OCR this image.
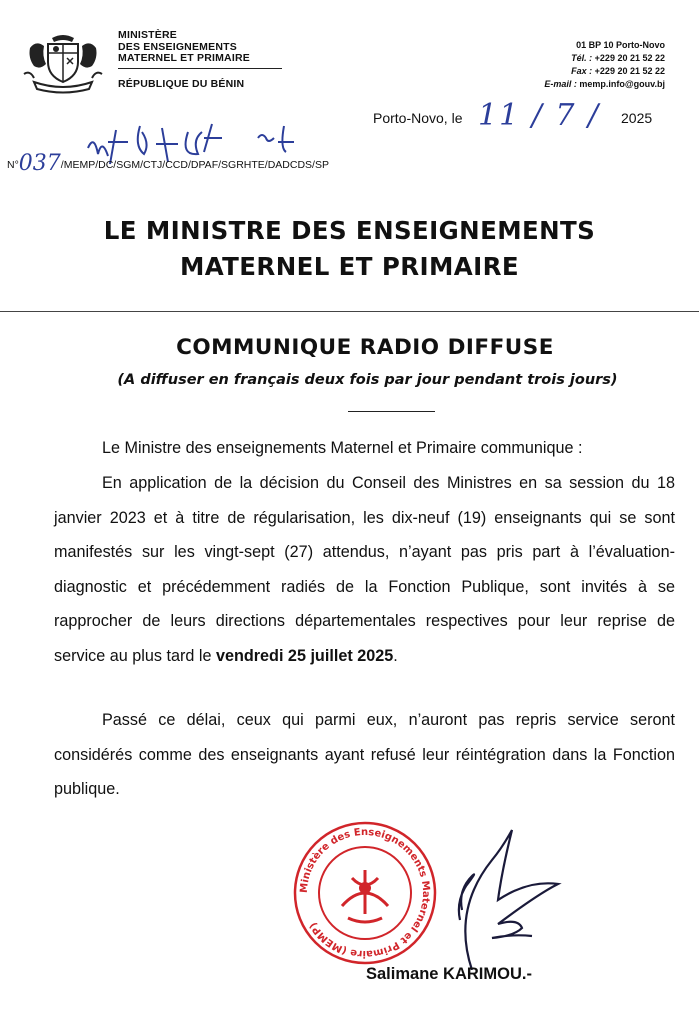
MINISTÈRE
DES ENSEIGNEMENTS
MATERNEL ET PRIMAIRE
RÉPUBLIQUE DU BÉNIN
01 BP 10 Porto-Novo
Tél. : +229 20 21 52 22
Fax : +229 20 21 52 22
E-mail : memp.info@gouv.bj
Porto-Novo, le 11 / 7 / 2025
N°037/MEMP/DC/SGM/CTJ/CCD/DPAF/SGRHTE/DADCDS/SP
LE MINISTRE DES ENSEIGNEMENTS
MATERNEL ET PRIMAIRE
COMMUNIQUE RADIO DIFFUSE
(A diffuser en français deux fois par jour pendant trois jours)
Le Ministre des enseignements Maternel et Primaire communique :
En application de la décision du Conseil des Ministres en sa session du 18 janvier 2023 et à titre de régularisation, les dix-neuf (19) enseignants qui se sont manifestés sur les vingt-sept (27) attendus, n’ayant pas pris part à l’évaluation-diagnostic et précédemment radiés de la Fonction Publique, sont invités à se rapprocher de leurs directions départementales respectives pour leur reprise de service au plus tard le vendredi 25 juillet 2025.
Passé ce délai, ceux qui parmi eux, n’auront pas repris service seront considérés comme des enseignants ayant refusé leur réintégration dans la Fonction publique.
Ministère des Enseignements Maternel et Primaire (MEMP)
Salimane KARIMOU.-
